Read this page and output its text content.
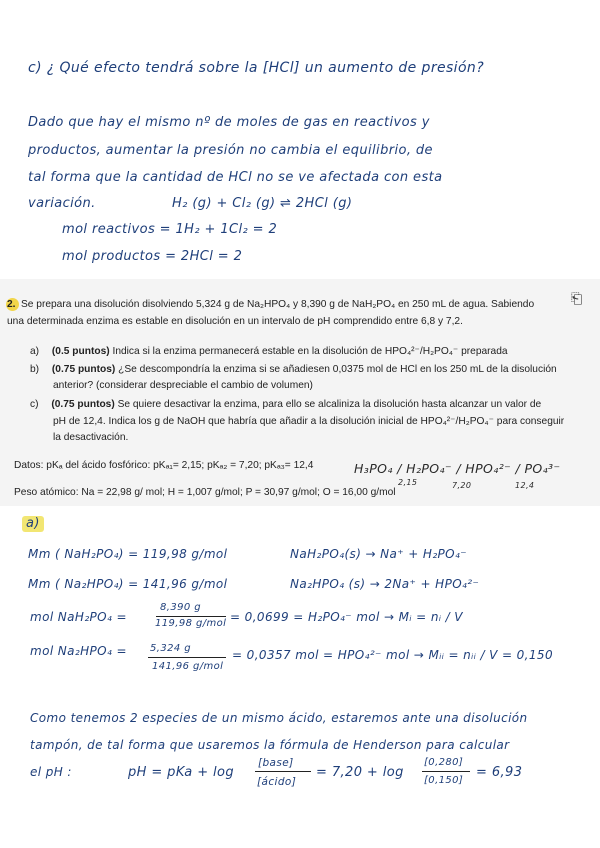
c) ¿ Qué efecto tendrá sobre la [HCl] un aumento de presión?
Dado que hay el mismo nº de moles de gas en reactivos y
productos, aumentar la presión no cambia el equilibrio, de
tal forma que la cantidad de HCl no se ve afectada con esta
variación.	H₂ (g) + Cl₂ (g) ⇌ 2HCl (g)
mol reactivos = 1H₂ + 1Cl₂ = 2
mol productos = 2HCl = 2
2. Se prepara una disolución disolviendo 5,324 g de Na₂HPO₄ y 8,390 g de NaH₂PO₄ en 250 mL de agua. Sabiendo	⎗
una determinada enzima es estable en disolución en un intervalo de pH comprendido entre 6,8 y 7,2.
a) (0.5 puntos) Indica si la enzima permanecerá estable en la disolución de HPO₄²⁻/H₂PO₄⁻ preparada
b) (0.75 puntos) ¿Se descompondría la enzima si se añadiesen 0,0375 mol de HCl en los 250 mL de la disolución
anterior? (considerar despreciable el cambio de volumen)
c) (0.75 puntos) Se quiere desactivar la enzima, para ello se alcaliniza la disolución hasta alcanzar un valor de
pH de 12,4. Indica los g de NaOH que habría que añadir a la disolución inicial de HPO₄²⁻/H₂PO₄⁻ para conseguir
la desactivación.
Datos: pKₐ del ácido fosfórico: pKₐ₁= 2,15; pKₐ₂ = 7,20; pKₐ₃= 12,4	H₃PO₄ / H₂PO₄⁻ / HPO₄²⁻ / PO₄³⁻
2,15	7,20	12,4
Peso atómico: Na = 22,98 g/ mol; H = 1,007 g/mol; P = 30,97 g/mol; O = 16,00 g/mol
a)
Mm ( NaH₂PO₄) = 119,98 g/mol	NaH₂PO₄(s) → Na⁺ + H₂PO₄⁻
Mm ( Na₂HPO₄) = 141,96 g/mol	Na₂HPO₄ (s) → 2Na⁺ + HPO₄²⁻
mol NaH₂PO₄ =
8,390 g
119,98 g/mol = 0,0699 = H₂PO₄⁻ mol → Mᵢ = nᵢ / V
mol Na₂HPO₄ = 5,324 g
141,96 g/mol
= 0,0357 mol = HPO₄²⁻ mol → Mᵢᵢ = nᵢᵢ / V = 0,150
Como tenemos 2 especies de un mismo ácido, estaremos ante una disolución
tampón, de tal forma que usaremos la fórmula de Henderson para calcular
el pH :	pH = pKa + log
[base]
[ácido]
= 7,20 + log
[0,280]
[0,150]
= 6,93
